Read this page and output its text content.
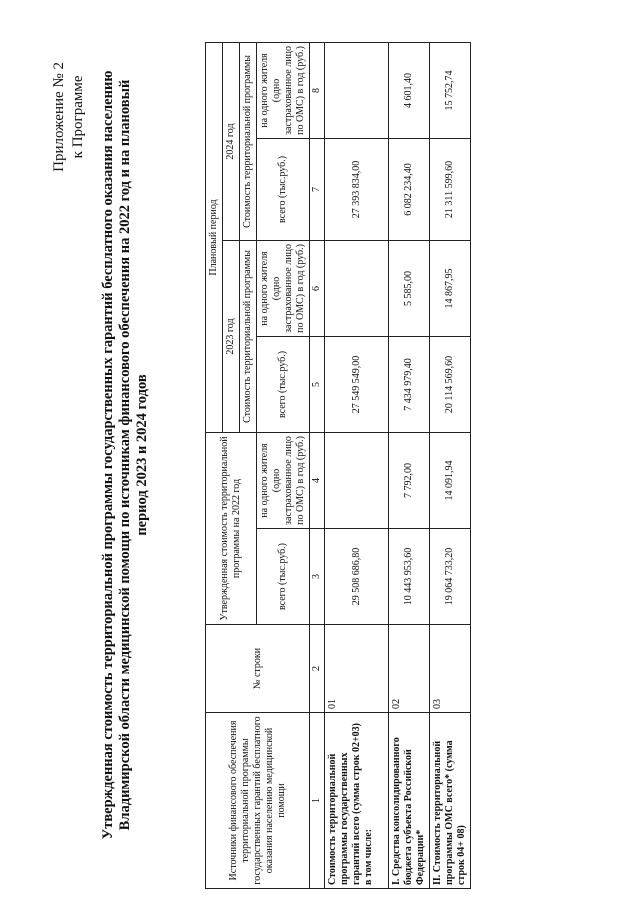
Приложение № 2 к Программе Утвержденная стоимость территориальной программы государственных гарантий бесплатного оказания населению Владимирской области медицинской помощи по источникам финансового обеспечения на 2022 год и на плановый период 2023 и 2024 годов
Источники финансового обеспечения территориальной программы государственных гарантий бесплатного оказания населению медицинской помощи	№ строки	Утвержденная стоимость территориальной программы на 2022 год		Плановый период			
				2023 год		2024 год	
				Стоимость территориальной программы		Стоимость территориальной программы	
		всего (тыс.руб.)	на одного жителя (одно застрахованное лицо по ОМС) в год (руб.)	всего (тыс.руб.)	на одного жителя (одно застрахованное лицо по ОМС) в год (руб.)	всего (тыс.руб.)	на одного жителя (одно застрахованное лицо по ОМС) в год (руб.)
1	2	3	4	5	6	7	8
Стоимость территориальной программы государственных гарантий всего (сумма строк 02+03) в том числе:	01	29 508 686,80		27 549 549,00		27 393 834,00	
I. Средства консолидированного бюджета субъекта Российской Федерации*	02	10 443 953,60	7 792,00	7 434 979,40	5 585,00	6 082 234,40	4 601,40
II. Стоимость территориальной программы ОМС всего* (сумма строк 04+ 08)	03	19 064 733,20	14 091,94	20 114 569,60	14 867,95	21 311 599,60	15 752,74
